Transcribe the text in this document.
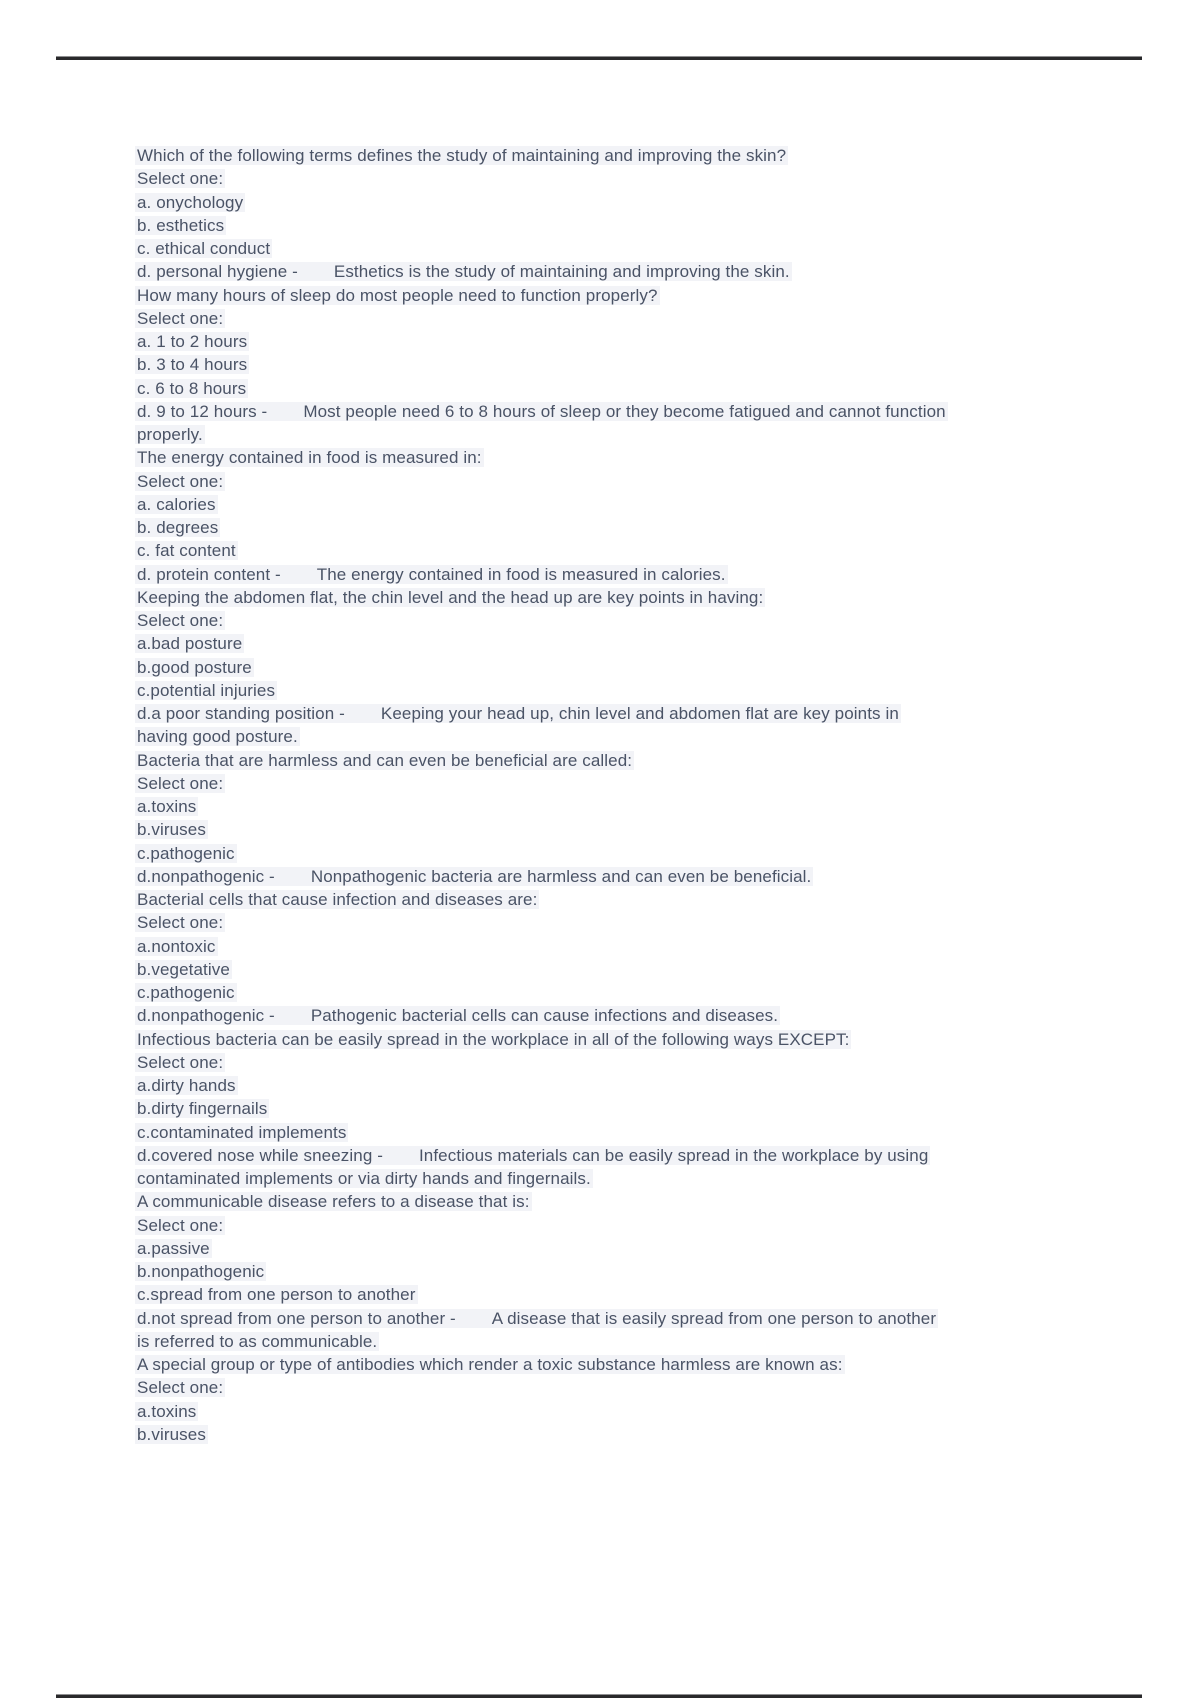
Which of the following terms defines the study of maintaining and improving the skin?
Select one:
a. onychology
b. esthetics
c. ethical conduct
d. personal hygiene - Esthetics is the study of maintaining and improving the skin.
How many hours of sleep do most people need to function properly?
Select one:
a. 1 to 2 hours
b. 3 to 4 hours
c. 6 to 8 hours
d. 9 to 12 hours - Most people need 6 to 8 hours of sleep or they become fatigued and cannot function
properly.
The energy contained in food is measured in:
Select one:
a. calories
b. degrees
c. fat content
d. protein content - The energy contained in food is measured in calories.
Keeping the abdomen flat, the chin level and the head up are key points in having:
Select one:
a.bad posture
b.good posture
c.potential injuries
d.a poor standing position - Keeping your head up, chin level and abdomen flat are key points in
having good posture.
Bacteria that are harmless and can even be beneficial are called:
Select one:
a.toxins
b.viruses
c.pathogenic
d.nonpathogenic - Nonpathogenic bacteria are harmless and can even be beneficial.
Bacterial cells that cause infection and diseases are:
Select one:
a.nontoxic
b.vegetative
c.pathogenic
d.nonpathogenic - Pathogenic bacterial cells can cause infections and diseases.
Infectious bacteria can be easily spread in the workplace in all of the following ways EXCEPT:
Select one:
a.dirty hands
b.dirty fingernails
c.contaminated implements
d.covered nose while sneezing - Infectious materials can be easily spread in the workplace by using
contaminated implements or via dirty hands and fingernails.
A communicable disease refers to a disease that is:
Select one:
a.passive
b.nonpathogenic
c.spread from one person to another
d.not spread from one person to another - A disease that is easily spread from one person to another
is referred to as communicable.
A special group or type of antibodies which render a toxic substance harmless are known as:
Select one:
a.toxins
b.viruses
